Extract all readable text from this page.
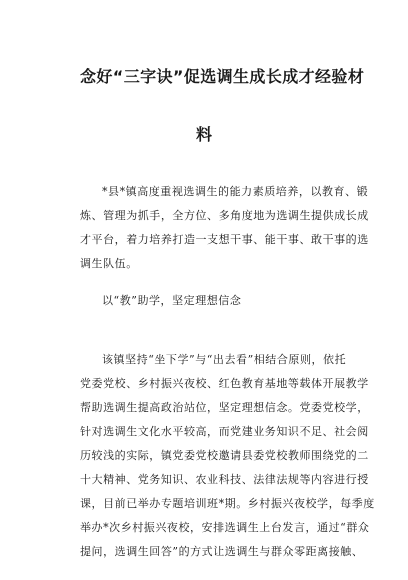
念好“三字诀”促选调生成长成才经验材
料
*县*镇高度重视选调生的能力素质培养，以教育、锻
炼、管理为抓手，全方位、多角度地为选调生提供成长成
才平台，着力培养打造一支想干事、能干事、敢干事的选
调生队伍。
以“教”助学，坚定理想信念
该镇坚持“坐下学”与“出去看”相结合原则，依托
党委党校、乡村振兴夜校、红色教育基地等载体开展教学
帮助选调生提高政治站位，坚定理想信念。党委党校学，
针对选调生文化水平较高，而党建业务知识不足、社会阅
历较浅的实际，镇党委党校邀请县委党校教师围绕党的二
十大精神、党务知识、农业科技、法律法规等内容进行授
课，目前已举办专题培训班*期。乡村振兴夜校学，每季度
举办*次乡村振兴夜校，安排选调生上台发言，通过“群众
提问，选调生回答”的方式让选调生与群众零距离接触、
